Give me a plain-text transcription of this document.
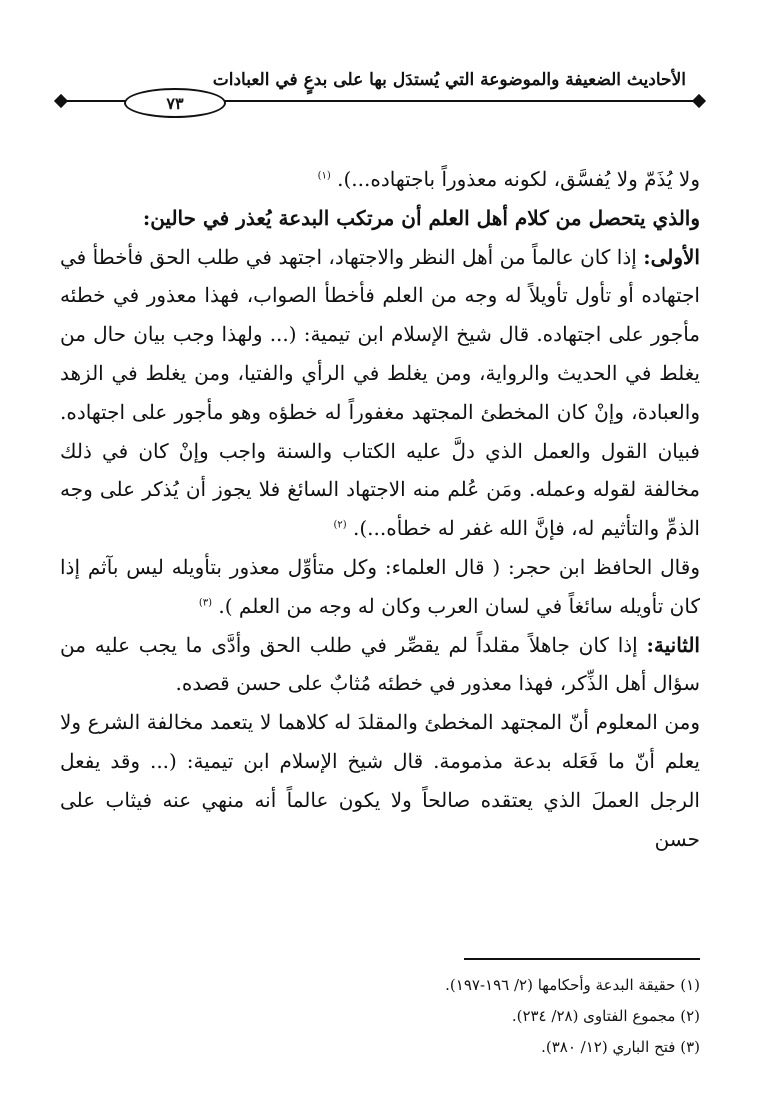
الأحاديث الضعيفة والموضوعة التي يُستدَل بها على بدعٍ في العبادات
٧٣

ولا يُذَمّ ولا يُفسَّق، لكونه معذوراً باجتهاده...). $^{(١)}$

والذي يتحصل من كلام أهل العلم أن مرتكب البدعة يُعذر في حالين:

الأولى: إذا كان عالماً من أهل النظر والاجتهاد، اجتهد في طلب الحق فأخطأ في اجتهاده أو تأول تأويلاً له وجه من العلم فأخطأ الصواب، فهذا معذور في خطئه مأجور على اجتهاده. قال شيخ الإسلام ابن تيمية: (... ولهذا وجب بيان حال من يغلط في الحديث والرواية، ومن يغلط في الرأي والفتيا، ومن يغلط في الزهد والعبادة، وإنْ كان المخطئ المجتهد مغفوراً له خطؤه وهو مأجور على اجتهاده. فبيان القول والعمل الذي دلَّ عليه الكتاب والسنة واجب وإنْ كان في ذلك مخالفة لقوله وعمله. ومَن عُلم منه الاجتهاد السائغ فلا يجوز أن يُذكر على وجه الذمِّ والتأثيم له، فإنَّ الله غفر له خطأه...). $^{(٢)}$

وقال الحافظ ابن حجر: ( قال العلماء: وكل متأوِّل معذور بتأويله ليس بآثم إذا كان تأويله سائغاً في لسان العرب وكان له وجه من العلم ). $^{(٣)}$

الثانية: إذا كان جاهلاً مقلداً لم يقصِّر في طلب الحق وأدَّى ما يجب عليه من سؤال أهل الذِّكر، فهذا معذور في خطئه مُثابٌ على حسن قصده.

ومن المعلوم أنّ المجتهد المخطئ والمقلدَ له كلاهما لا يتعمد مخالفة الشرع ولا يعلم أنّ ما فَعَله بدعة مذمومة. قال شيخ الإسلام ابن تيمية: (... وقد يفعل الرجل العملَ الذي يعتقده صالحاً ولا يكون عالماً أنه منهي عنه فيثاب على حسن

(١) حقيقة البدعة وأحكامها (٢/ ١٩٦-١٩٧).
(٢) مجموع الفتاوى (٢٨/ ٢٣٤).
(٣) فتح الباري (١٢/ ٣٨٠).
